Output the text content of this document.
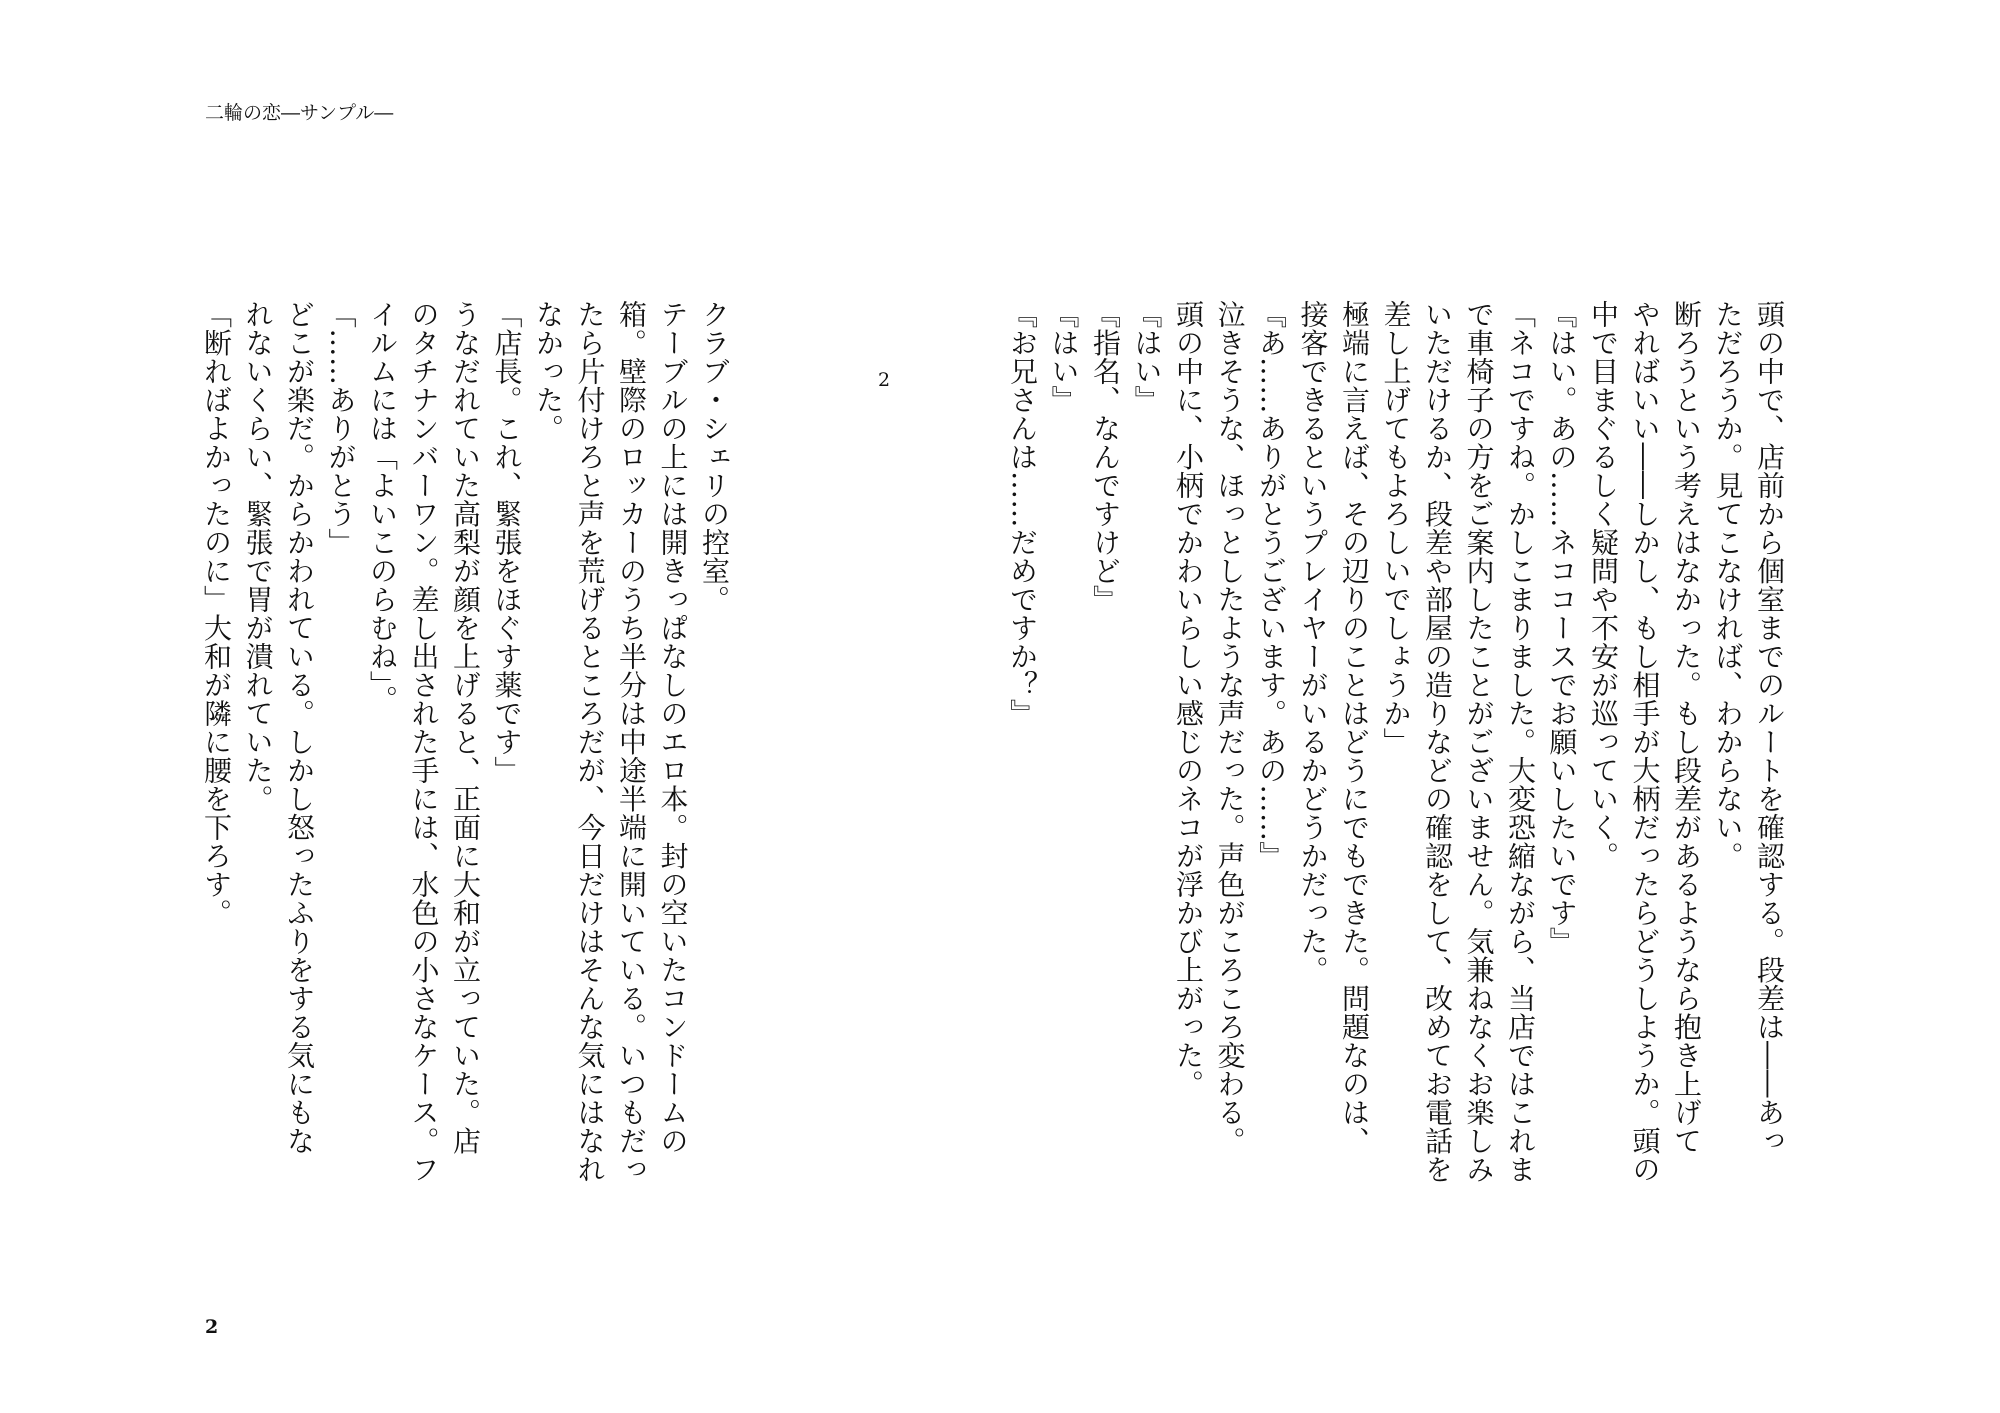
二輪の恋―サンプル―
2	頭の中で、店前から個室までのルートを確認する。段差は――あっ
ただろうか。見てこなければ、わからない。
断ろうという考えはなかった。もし段差があるようなら抱き上げて
やればいい――しかし、もし相手が大柄だったらどうしようか。頭の
中で目まぐるしく疑問や不安が巡っていく。
『はい。あの……ネココースでお願いしたいです』
「ネコですね。かしこまりました。大変恐縮ながら、当店ではこれま
で車椅子の方をご案内したことがございません。気兼ねなくお楽しみ
いただけるか、段差や部屋の造りなどの確認をして、改めてお電話を
差し上げてもよろしいでしょうか」
極端に言えば、その辺りのことはどうにでもできた。問題なのは、
接客できるというプレイヤーがいるかどうかだった。
『あ……ありがとうございます。あの……』
泣きそうな、ほっとしたような声だった。声色がころころ変わる。
頭の中に、小柄でかわいらしい感じのネコが浮かび上がった。
『はい』
『指名、なんですけど』
『はい』
『お兄さんは……だめですか？』
クラブ・シェリの控室。
テーブルの上には開きっぱなしのエロ本。封の空いたコンドームの
箱。壁際のロッカーのうち半分は中途半端に開いている。いつもだっ
たら片付けろと声を荒げるところだが、今日だけはそんな気にはなれ
なかった。
「店長。これ、緊張をほぐす薬です」
うなだれていた高梨が顔を上げると、正面に大和が立っていた。店
のタチナンバーワン。差し出された手には、水色の小さなケース。フ
イルムには「よいこのらむね」。
「……ありがとう」
どこが楽だ。からかわれている。しかし怒ったふりをする気にもな
れないくらい、緊張で胃が潰れていた。
「断ればよかったのに」大和が隣に腰を下ろす。
2
